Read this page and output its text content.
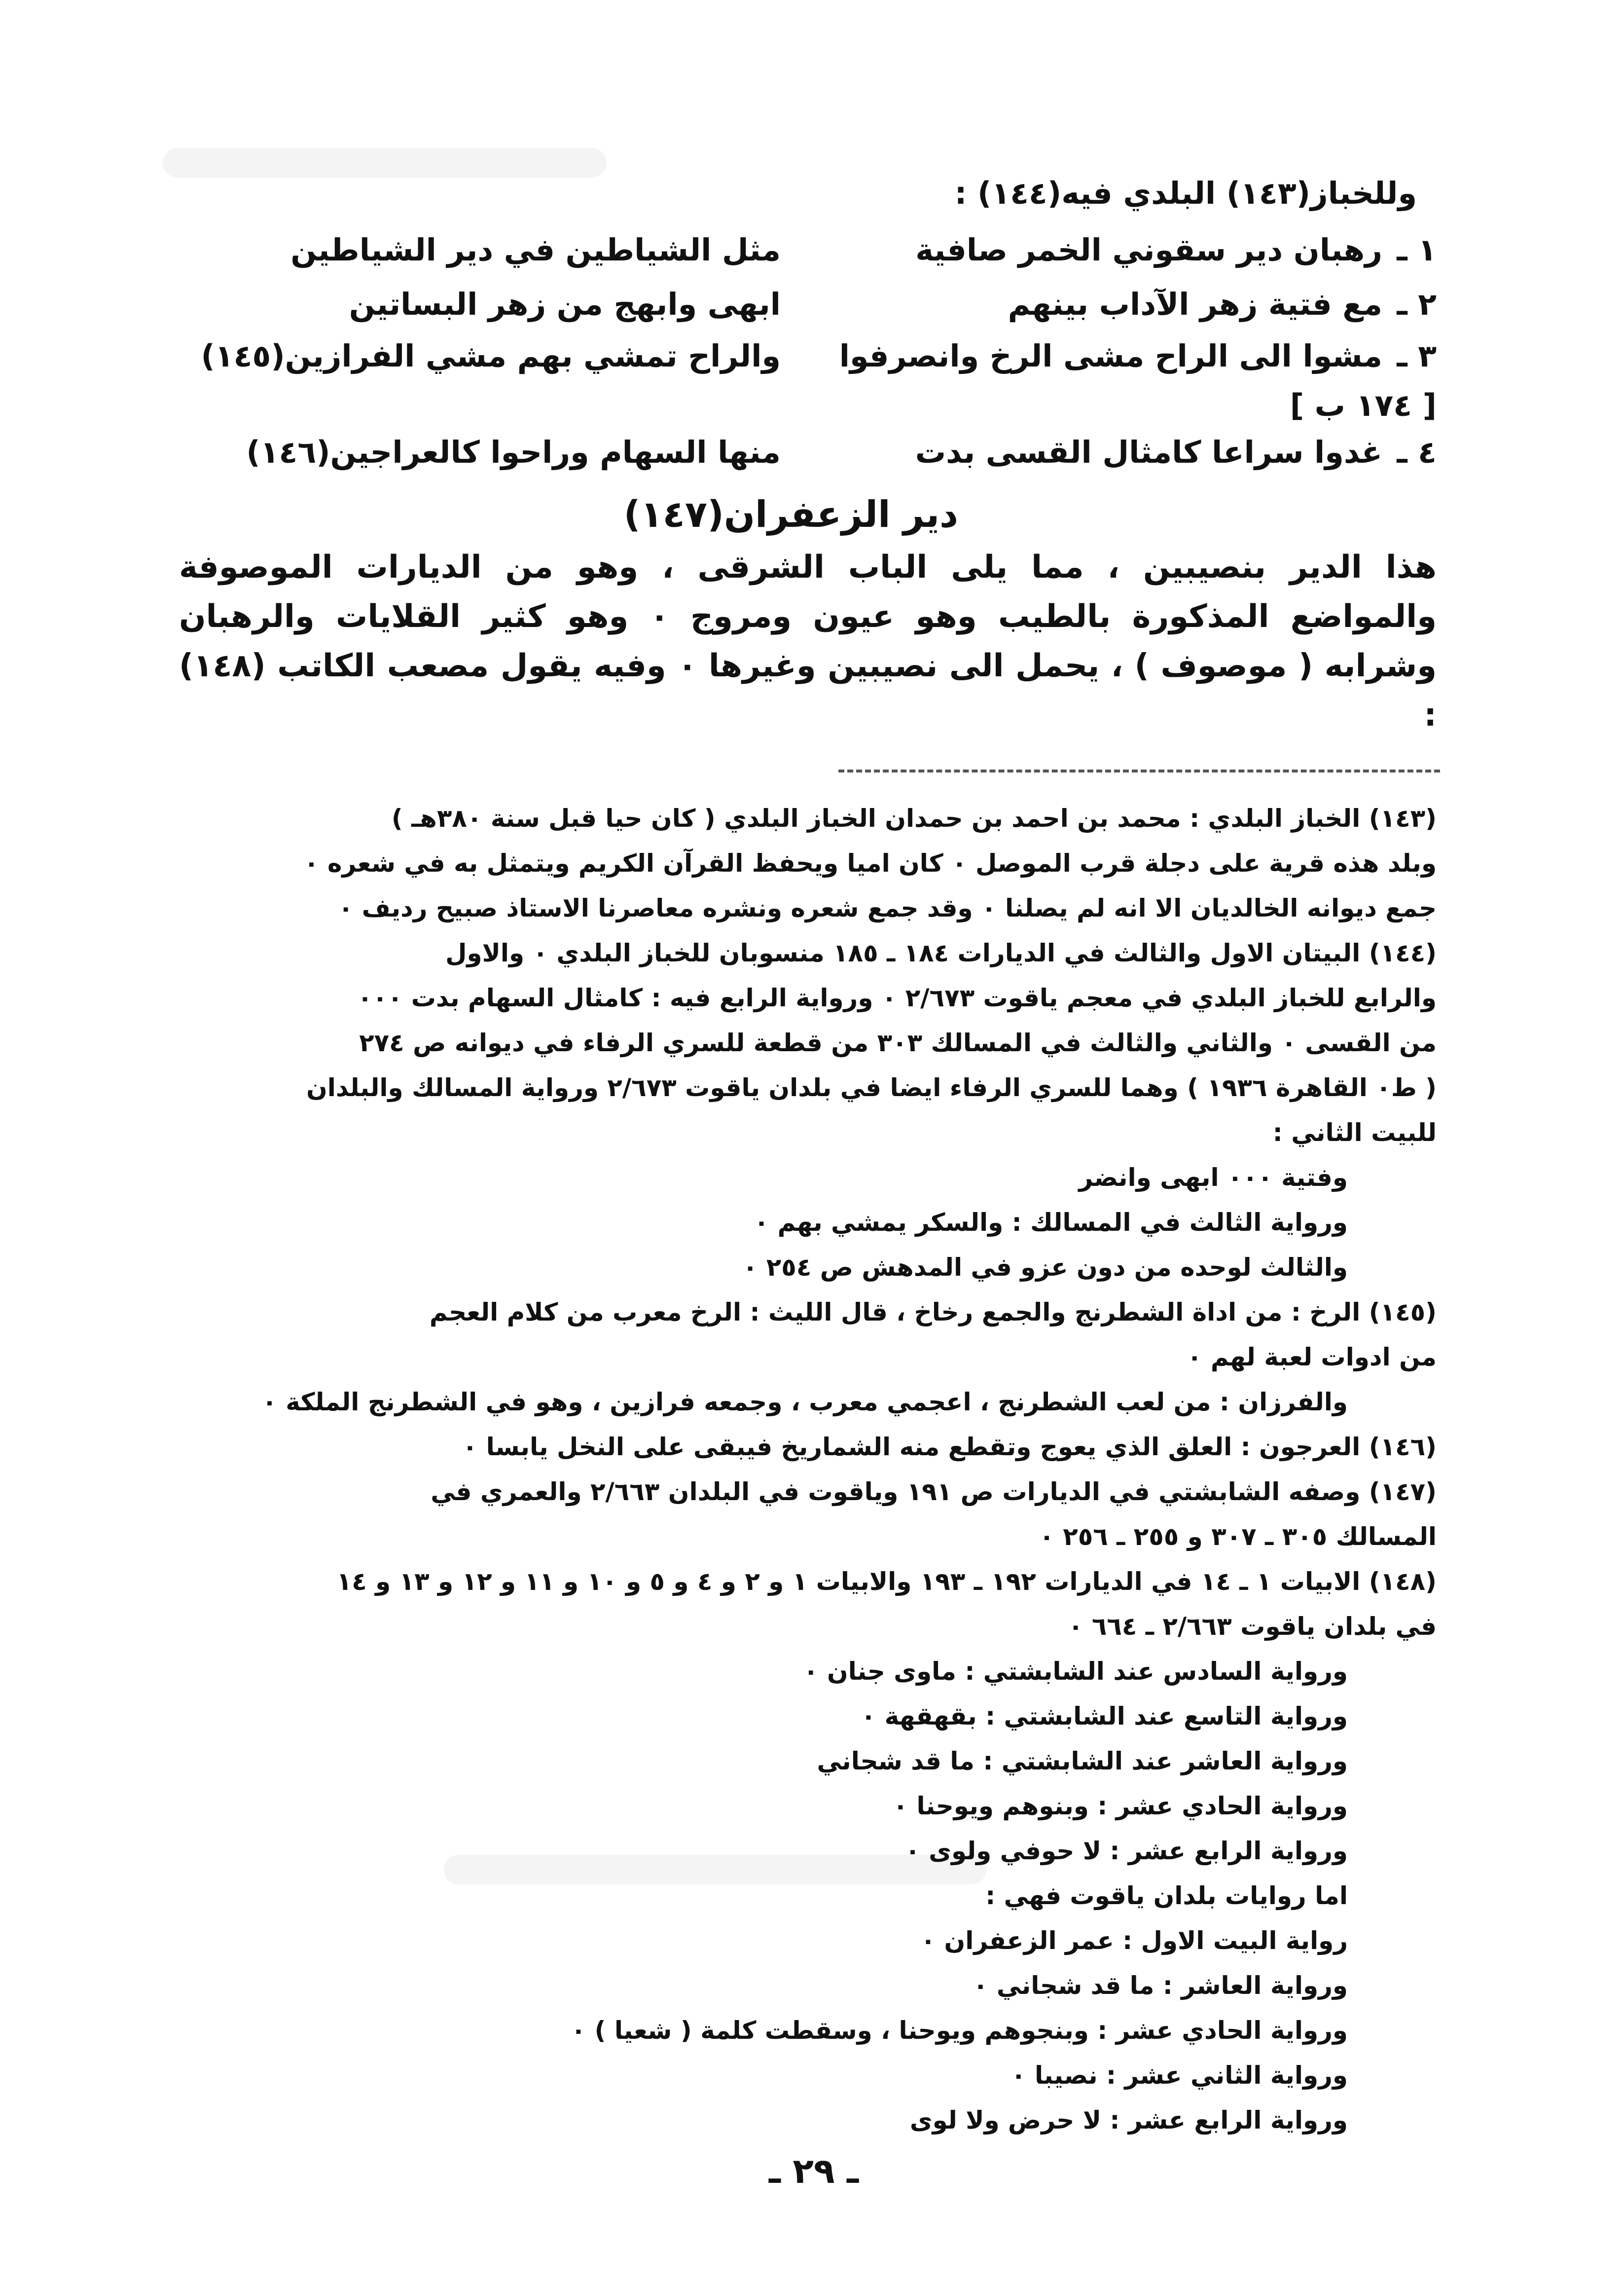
وللخباز(١٤٣) البلدي فيه(١٤٤) :
١ ـ
رهبان دير سقوني الخمر صافية
مثل الشياطين في دير الشياطين
٢ ـ
مع فتية زهر الآداب بينهم
ابهى وابهج من زهر البساتين
٣ ـ
مشوا الى الراح مشى الرخ وانصرفوا
والراح تمشي بهم مشي الفرازين(١٤٥)
[ ١٧٤ ب ]
٤ ـ
غدوا سراعا كامثال القسى بدت
منها السهام وراحوا كالعراجين(١٤٦)
دير الزعفران(١٤٧)
هذا الدير بنصيبين ، مما يلى الباب الشرقى ، وهو من الديارات الموصوفة والمواضع المذكورة بالطيب وهو عيون ومروج ٠ وهو كثير القلايات والرهبان وشرابه ( موصوف ) ، يحمل الى نصيبين وغيرها ٠ وفيه يقول مصعب الكاتب (١٤٨) :
(١٤٣) الخباز البلدي : محمد بن احمد بن حمدان الخباز البلدي ( كان حيا قبل سنة ٣٨٠هـ )
وبلد هذه قرية على دجلة قرب الموصل ٠ كان اميا ويحفظ القرآن الكريم ويتمثل به في شعره ٠
جمع ديوانه الخالديان الا انه لم يصلنا ٠ وقد جمع شعره ونشره معاصرنا الاستاذ صبيح رديف ٠
(١٤٤) البيتان الاول والثالث في الديارات ١٨٤ ـ ١٨٥ منسوبان للخباز البلدي ٠ والاول
والرابع للخباز البلدي في معجم ياقوت ٢/٦٧٣ ٠ ورواية الرابع فيه : كامثال السهام بدت ٠٠٠
من القسى ٠ والثاني والثالث في المسالك ٣٠٣ من قطعة للسري الرفاء في ديوانه ص ٢٧٤
( ط٠ القاهرة ١٩٣٦ ) وهما للسري الرفاء ايضا في بلدان ياقوت ٢/٦٧٣ ورواية المسالك والبلدان
للبيت الثاني :
وفتية ٠٠٠ ابهى وانضر
ورواية الثالث في المسالك : والسكر يمشي بهم ٠
والثالث لوحده من دون عزو في المدهش ص ٢٥٤ ٠
(١٤٥) الرخ : من اداة الشطرنج والجمع رخاخ ، قال الليث : الرخ معرب من كلام العجم
من ادوات لعبة لهم ٠
والفرزان : من لعب الشطرنج ، اعجمي معرب ، وجمعه فرازين ، وهو في الشطرنج الملكة ٠
(١٤٦) العرجون : العلق الذي يعوج وتقطع منه الشماريخ فيبقى على النخل يابسا ٠
(١٤٧) وصفه الشابشتي في الديارات ص ١٩١ وياقوت في البلدان ٢/٦٦٣ والعمري في
المسالك ٣٠٥ ـ ٣٠٧ و ٢٥٥ ـ ٢٥٦ ٠
(١٤٨) الابيات ١ ـ ١٤ في الديارات ١٩٢ ـ ١٩٣ والابيات ١ و ٢ و ٤ و ٥ و ١٠ و ١١ و ١٢ و ١٣ و ١٤
في بلدان ياقوت ٢/٦٦٣ ـ ٦٦٤ ٠
ورواية السادس عند الشابشتي : ماوى جنان ٠
ورواية التاسع عند الشابشتي : بقهقهة ٠
ورواية العاشر عند الشابشتي : ما قد شجاني
ورواية الحادي عشر : وبنوهم ويوحنا ٠
ورواية الرابع عشر : لا حوفي ولوى ٠
اما روايات بلدان ياقوت فهي :
رواية البيت الاول : عمر الزعفران ٠
ورواية العاشر : ما قد شجاني ٠
ورواية الحادي عشر : وبنجوهم ويوحنا ، وسقطت كلمة ( شعيا ) ٠
ورواية الثاني عشر : نصيبا ٠
ورواية الرابع عشر : لا حرض ولا لوى
ـ ٢٩ ـ
